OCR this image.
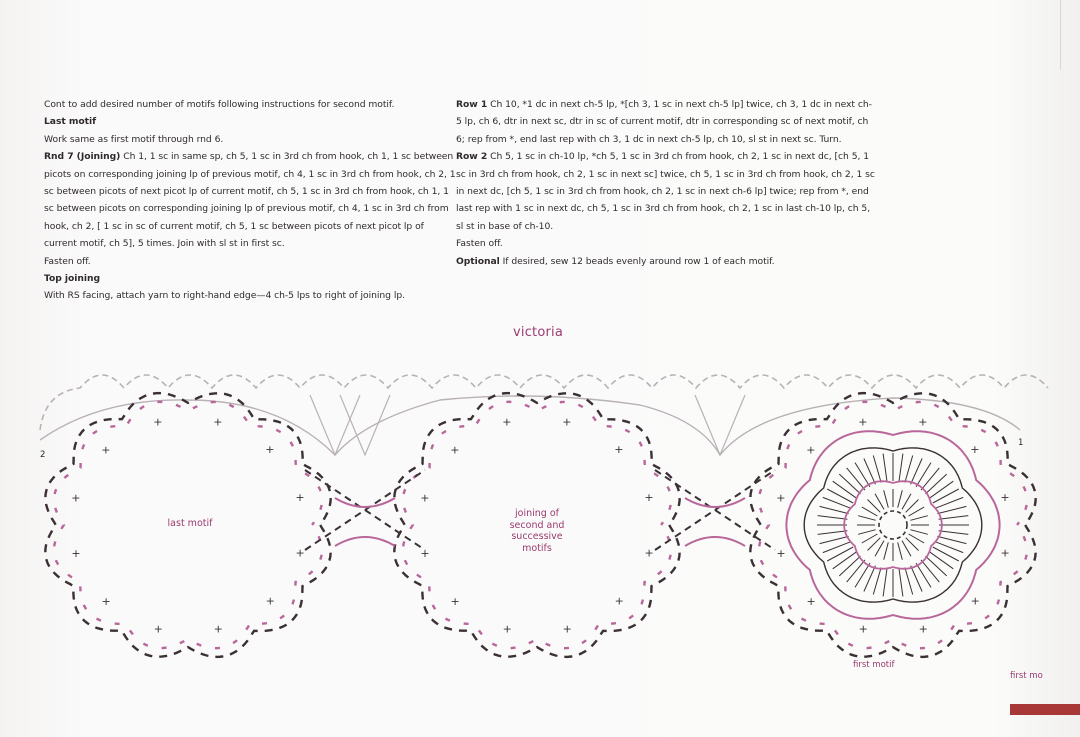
Cont to add desired number of motifs following instructions for second motif.

Last motif

Work same as first motif through rnd 6.

Rnd 7 (Joining) Ch 1, 1 sc in same sp, ch 5, 1 sc in 3rd ch from hook, ch 1, 1 sc between picots on corresponding joining lp of previous motif, ch 4, 1 sc in 3rd ch from hook, ch 2, 1 sc between picots of next picot lp of current motif, ch 5, 1 sc in 3rd ch from hook, ch 1, 1 sc between picots on corresponding joining lp of previous motif, ch 4, 1 sc in 3rd ch from hook, ch 2, [ 1 sc in sc of current motif, ch 5, 1 sc between picots of next picot lp of current motif, ch 5], 5 times. Join with sl st in first sc.

Fasten off.

Top joining

With RS facing, attach yarn to right-hand edge—4 ch-5 lps to right of joining lp.

Row 1 Ch 10, *1 dc in next ch-5 lp, *[ch 3, 1 sc in next ch-5 lp] twice, ch 3, 1 dc in next ch-5 lp, ch 6, dtr in next sc, dtr in sc of current motif, dtr in corresponding sc of next motif, ch 6; rep from *, end last rep with ch 3, 1 dc in next ch-5 lp, ch 10, sl st in next sc. Turn.

Row 2 Ch 5, 1 sc in ch-10 lp, *ch 5, 1 sc in 3rd ch from hook, ch 2, 1 sc in next dc, [ch 5, 1 sc in 3rd ch from hook, ch 2, 1 sc in next sc] twice, ch 5, 1 sc in 3rd ch from hook, ch 2, 1 sc in next dc, [ch 5, 1 sc in 3rd ch from hook, ch 2, 1 sc in next ch-6 lp] twice; rep from *, end last rep with 1 sc in next dc, ch 5, 1 sc in 3rd ch from hook, ch 2, 1 sc in last ch-10 lp, ch 5, sl st in base of ch-10.

Fasten off.

Optional If desired, sew 12 beads evenly around row 1 of each motif.

victoria
+
+
+
+
+
+
+
+
+	+
+
+
+
+
+
+
+
+
+
+
+	+
+
+
+
+
+
+
+
+
+
+
+	+
+
+
last motif
joining of
second and
successive
motifs
first motif
first mo
2
1
